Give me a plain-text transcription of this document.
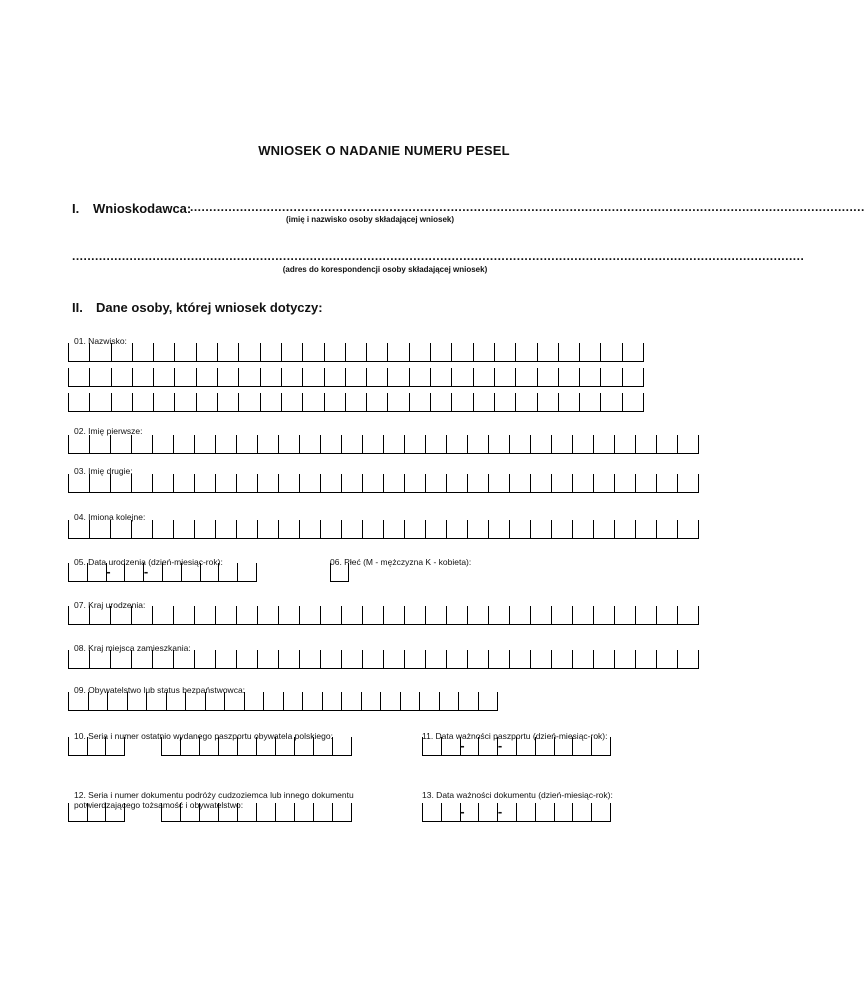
WNIOSEK O NADANIE NUMERU PESEL
I. Wnioskodawca:
................................................................................................................................................................................
(imię i nazwisko osoby składającej wniosek)
...............................................................................................................................................................................................
(adres do korespondencji osoby składającej wniosek)
II. Dane osoby, której wniosek dotyczy:
01. Nazwisko:
02. Imię pierwsze:
03. Imię drugie:
04. Imiona kolejne:
05. Data urodzenia (dzień-miesiąc-rok):
-	-
06. Płeć (M - mężczyzna K - kobieta):
07. Kraj urodzenia:
08. Kraj miejsca zamieszkania:
09. Obywatelstwo lub status bezpaństwowca:
10. Seria i numer ostatnio wydanego paszportu obywatela polskiego:	11. Data ważności paszportu (dzień-miesiąc-rok):
-	-
12. Seria i numer dokumentu podróży cudzoziemca lub innego dokumentu potwierdzającego tożsamość i obywatelstwo:
13. Data ważności dokumentu (dzień-miesiąc-rok):
-	-
